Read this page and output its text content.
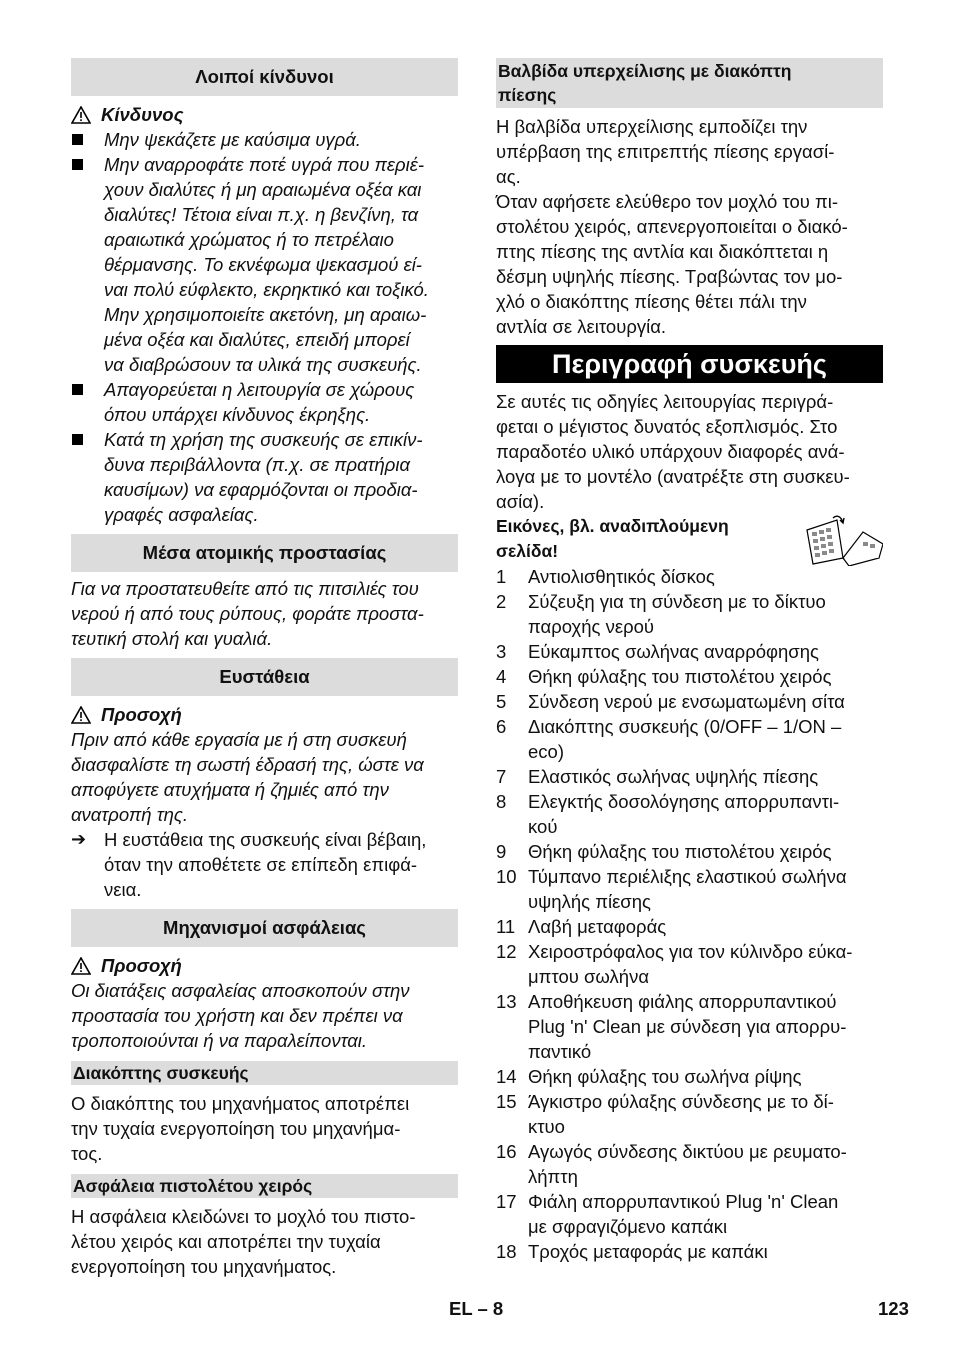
Λοιποί κίνδυνοι
Κίνδυνος
Μην ψεκάζετε με καύσιμα υγρά.
Μην αναρροφάτε ποτέ υγρά που περιέ-
χουν διαλύτες ή μη αραιωμένα οξέα και
διαλύτες! Τέτοια είναι π.χ. η βενζίνη, τα
αραιωτικά χρώματος ή το πετρέλαιο
θέρμανσης. Το εκνέφωμα ψεκασμού εί-
ναι πολύ εύφλεκτο, εκρηκτικό και τοξικό.
Μην χρησιμοποιείτε ακετόνη, μη αραιω-
μένα οξέα και διαλύτες, επειδή μπορεί
να διαβρώσουν τα υλικά της συσκευής.
Απαγορεύεται η λειτουργία σε χώρους
όπου υπάρχει κίνδυνος έκρηξης.
Κατά τη χρήση της συσκευής σε επικίν-
δυνα περιβάλλοντα (π.χ. σε πρατήρια
καυσίμων) να εφαρμόζονται οι προδια-
γραφές ασφαλείας.
Μέσα ατομικής προστασίας

Για να προστατευθείτε από τις πιτσιλιές του
νερού ή από τους ρύπους, φοράτε προστα-
τευτική στολή και γυαλιά.

Ευστάθεια
Προσοχή

Πριν από κάθε εργασία με ή στη συσκευή
διασφαλίστε τη σωστή έδρασή της, ώστε να
αποφύγετε ατυχήματα ή ζημιές από την
ανατροπή της.

➔ Η ευστάθεια της συσκευής είναι βέβαιη,
όταν την αποθέτετε σε επίπεδη επιφά-
νεια.
Μηχανισμοί ασφάλειας
Προσοχή

Οι διατάξεις ασφαλείας αποσκοπούν στην
προστασία του χρήστη και δεν πρέπει να
τροποποιούνται ή να παραλείπονται.

Διακόπτης συσκευής

Ο διακόπτης του μηχανήματος αποτρέπει
την τυχαία ενεργοποίηση του μηχανήμα-
τος.

Ασφάλεια πιστολέτου χειρός

Η ασφάλεια κλειδώνει το μοχλό του πιστο-
λέτου χειρός και αποτρέπει την τυχαία
ενεργοποίηση του μηχανήματος.

Βαλβίδα υπερχείλισης με διακόπτη
πίεσης

Η βαλβίδα υπερχείλισης εμποδίζει την
υπέρβαση της επιτρεπτής πίεσης εργασί-
ας.

Όταν αφήσετε ελεύθερο τον μοχλό του πι-
στολέτου χειρός, απενεργοποιείται ο διακό-
πτης πίεσης της αντλία και διακόπτεται η
δέσμη υψηλής πίεσης. Τραβώντας τον μο-
χλό ο διακόπτης πίεσης θέτει πάλι την
αντλία σε λειτουργία.

Περιγραφή συσκευής

Σε αυτές τις οδηγίες λειτουργίας περιγρά-
φεται ο μέγιστος δυνατός εξοπλισμός. Στο
παραδοτέο υλικό υπάρχουν διαφορές ανά-
λογα με το μοντέλο (ανατρέξτε στη συσκευ-
ασία).

Εικόνες, βλ. αναδιπλούμενη
σελίδα!

1	Αντιολισθητικός δίσκος
2	Σύζευξη για τη σύνδεση με το δίκτυο
παροχής νερού
3	Εύκαμπτος σωλήνας αναρρόφησης
4	Θήκη φύλαξης του πιστολέτου χειρός
5	Σύνδεση νερού με ενσωματωμένη σίτα
6	Διακόπτης συσκευής (0/OFF – 1/ON –
eco)
7	Ελαστικός σωλήνας υψηλής πίεσης
8	Ελεγκτής δοσολόγησης απορρυπαντι-
κού
9	Θήκη φύλαξης του πιστολέτου χειρός
10 Τύμπανο περιέλιξης ελαστικού σωλήνα
υψηλής πίεσης
11 Λαβή μεταφοράς
12 Χειροστρόφαλος για τον κύλινδρο εύκα-
μπτου σωλήνα
13 Αποθήκευση φιάλης απορρυπαντικού
Plug 'n' Clean με σύνδεση για απορρυ-
παντικό
14 Θήκη φύλαξης του σωλήνα ρίψης
15 Άγκιστρο φύλαξης σύνδεσης με το δί-
κτυο
16 Αγωγός σύνδεσης δικτύου με ρευματο-
λήπτη
17 Φιάλη απορρυπαντικού Plug 'n' Clean
με σφραγιζόμενο καπάκι
18 Τροχός μεταφοράς με καπάκι
EL – 8	123
